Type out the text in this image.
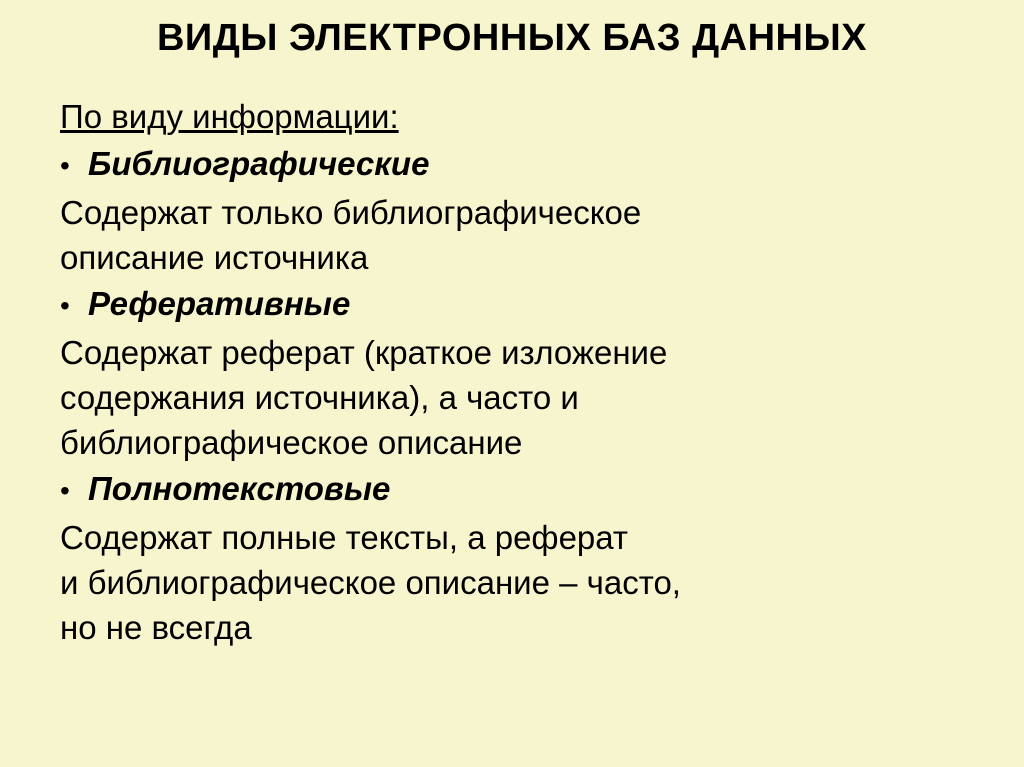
ВИДЫ ЭЛЕКТРОННЫХ БАЗ ДАННЫХ
По виду информации:
• Библиографические
Содержат только библиографическое
описание источника
• Реферативные
Содержат реферат (краткое изложение
содержания источника), а часто и
библиографическое описание
• Полнотекстовые
Содержат полные тексты, а реферат
и библиографическое описание – часто,
но не всегда
